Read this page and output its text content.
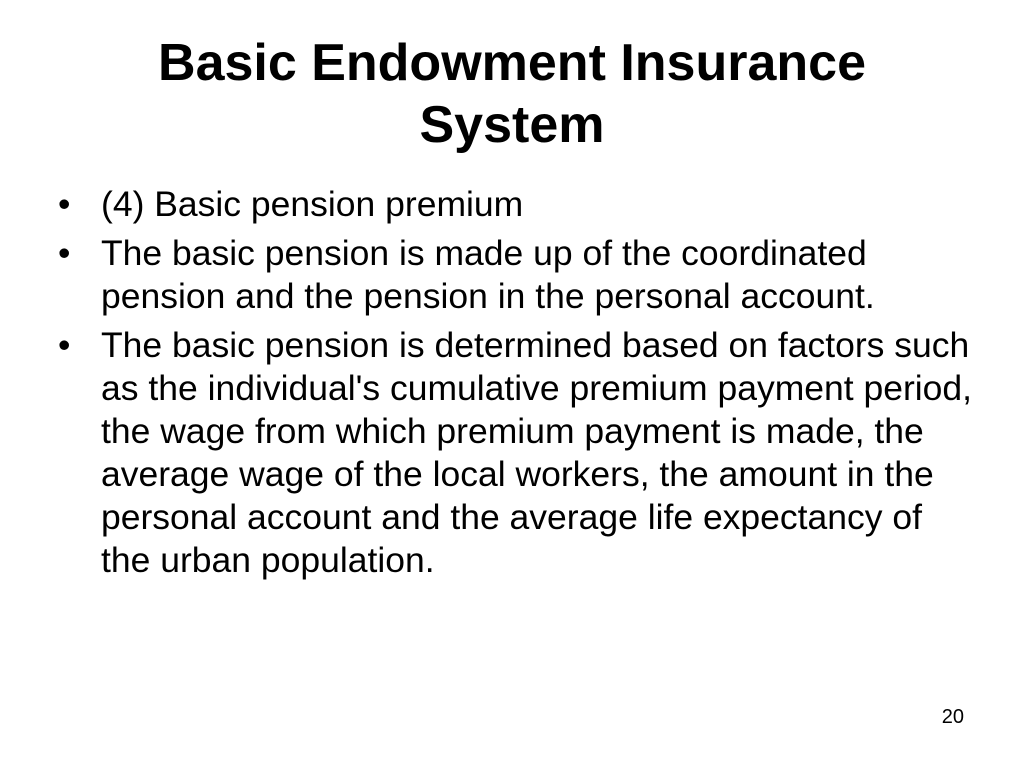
Basic Endowment Insurance System
• (4) Basic pension premium
• The basic pension is made up of the coordinated pension and the pension in the personal account.
• The basic pension is determined based on factors such as the individual's cumulative premium payment period, the wage from which premium payment is made, the average wage of the local workers, the amount in the personal account and the average life expectancy of the urban population.
20
